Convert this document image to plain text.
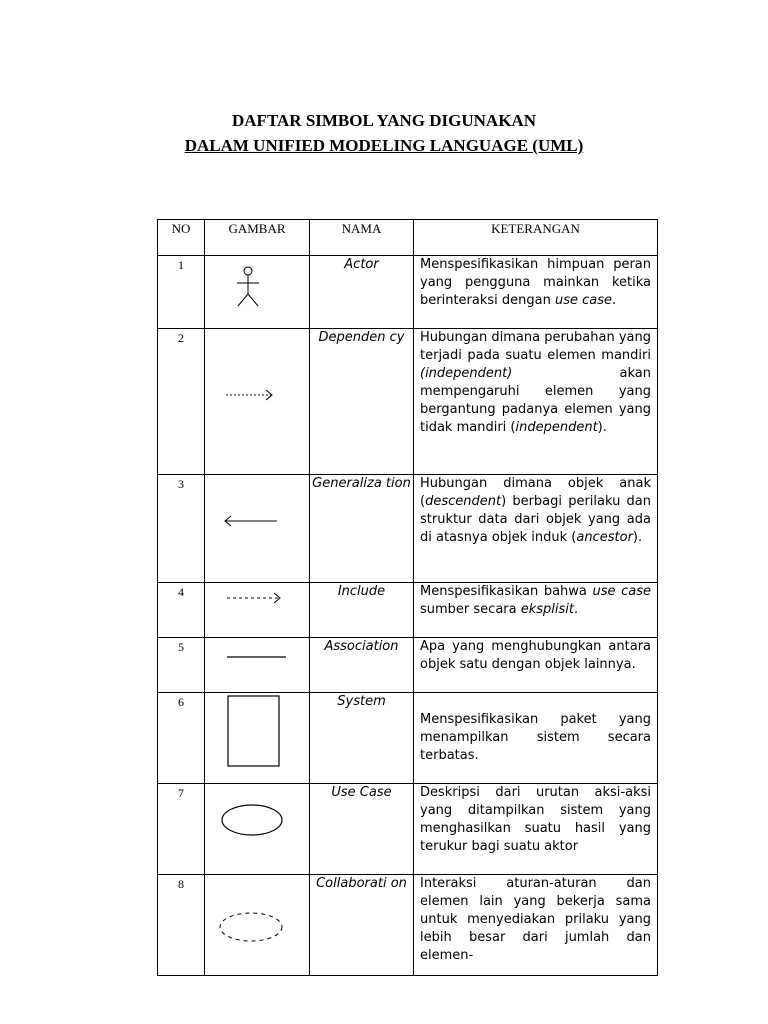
DAFTAR SIMBOL YANG DIGUNAKAN
DALAM UNIFIED MODELING LANGUAGE (UML)
NO	GAMBAR	NAMA	KETERANGAN
1		Actor	Menspesifikasikan himpuan peran yang pengguna mainkan ketika berinteraksi dengan use case.

2		Dependen cy	Hubungan dimana perubahan yang terjadi pada suatu elemen mandiri (independent) akan mempengaruhi elemen yang bergantung padanya elemen yang tidak mandiri (independent).

3		Generaliza tion	Hubungan dimana objek anak (descendent) berbagi perilaku dan struktur data dari objek yang ada di atasnya objek induk (ancestor).

4		Include	Menspesifikasikan bahwa use case sumber secara eksplisit.

5		Association	Apa yang menghubungkan antara objek satu dengan objek lainnya.

6		System	Menspesifikasikan paket yang menampilkan sistem secara terbatas.

7		Use Case	Deskripsi dari urutan aksi-aksi yang ditampilkan sistem yang menghasilkan suatu hasil yang terukur bagi suatu aktor

8		Collaborati on	Interaksi aturan-aturan dan elemen lain yang bekerja sama untuk menyediakan prilaku yang lebih besar dari jumlah dan elemen-
